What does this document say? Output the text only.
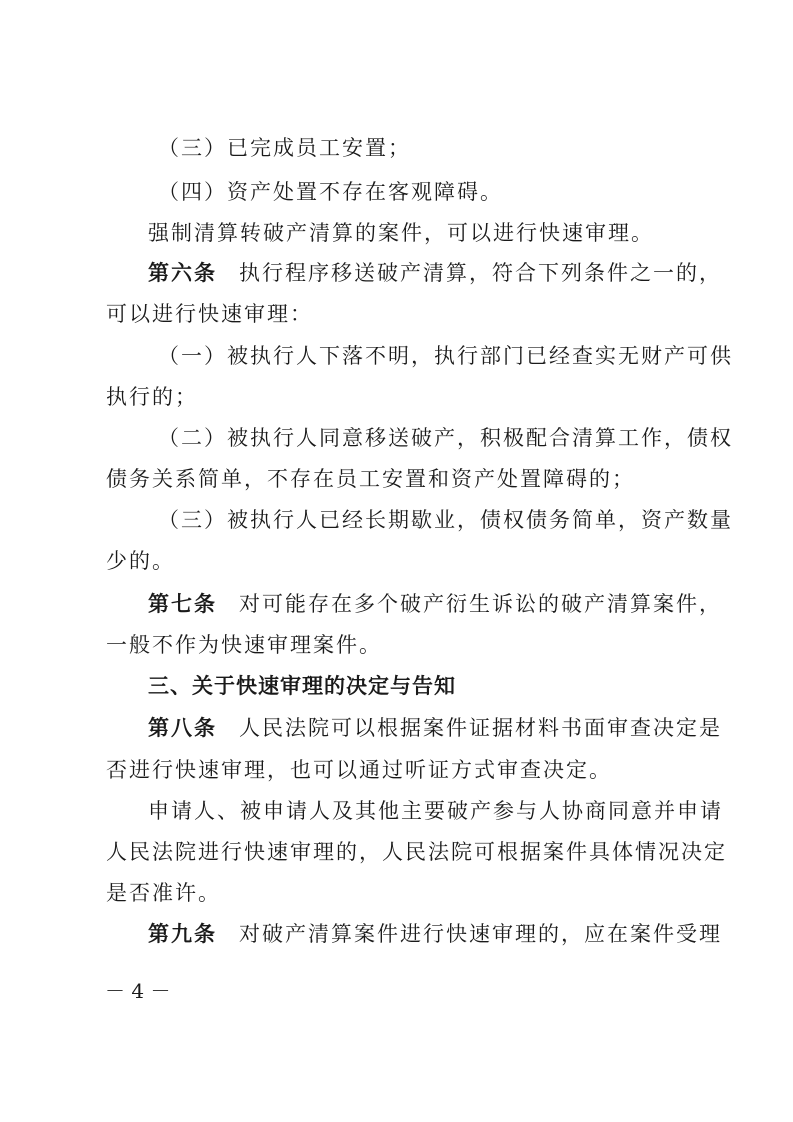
（三）已完成员工安置；
（四）资产处置不存在客观障碍。
强制清算转破产清算的案件，可以进行快速审理。
第六条 执行程序移送破产清算，符合下列条件之一的，
可以进行快速审理：
（一）被执行人下落不明，执行部门已经查实无财产可供
执行的；
（二）被执行人同意移送破产，积极配合清算工作，债权
债务关系简单，不存在员工安置和资产处置障碍的；
（三）被执行人已经长期歇业，债权债务简单，资产数量
少的。
第七条 对可能存在多个破产衍生诉讼的破产清算案件，
一般不作为快速审理案件。
三、关于快速审理的决定与告知
第八条 人民法院可以根据案件证据材料书面审查决定是
否进行快速审理，也可以通过听证方式审查决定。
申请人、被申请人及其他主要破产参与人协商同意并申请
人民法院进行快速审理的，人民法院可根据案件具体情况决定
是否准许。
第九条 对破产清算案件进行快速审理的，应在案件受理
－ 4 －
